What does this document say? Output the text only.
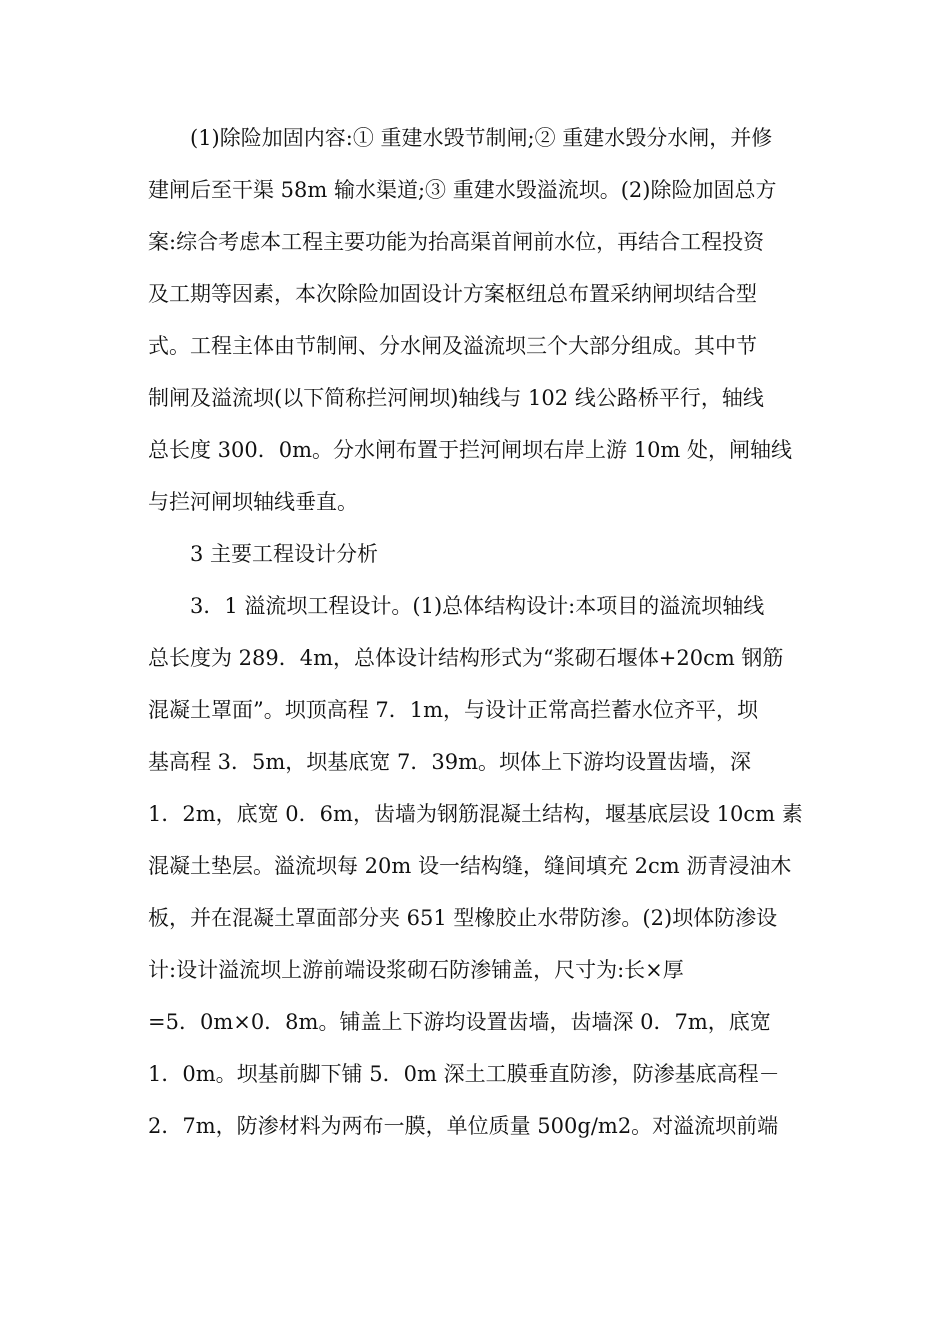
(1)除险加固内容:① 重建水毁节制闸;② 重建水毁分水闸，并修
建闸后至干渠 58m 输水渠道;③ 重建水毁溢流坝。(2)除险加固总方
案:综合考虑本工程主要功能为抬高渠首闸前水位，再结合工程投资
及工期等因素，本次除险加固设计方案枢纽总布置采纳闸坝结合型
式。工程主体由节制闸、分水闸及溢流坝三个大部分组成。其中节
制闸及溢流坝(以下简称拦河闸坝)轴线与 102 线公路桥平行，轴线
总长度 300．0m。分水闸布置于拦河闸坝右岸上游 10m 处，闸轴线
与拦河闸坝轴线垂直。
3 主要工程设计分析
3．1 溢流坝工程设计。(1)总体结构设计:本项目的溢流坝轴线
总长度为 289．4m，总体设计结构形式为“浆砌石堰体+20cm 钢筋
混凝土罩面”。坝顶高程 7．1m，与设计正常高拦蓄水位齐平，坝
基高程 3．5m，坝基底宽 7．39m。坝体上下游均设置齿墙，深
1．2m，底宽 0．6m，齿墙为钢筋混凝土结构，堰基底层设 10cm 素
混凝土垫层。溢流坝每 20m 设一结构缝，缝间填充 2cm 沥青浸油木
板，并在混凝土罩面部分夹 651 型橡胶止水带防渗。(2)坝体防渗设
计:设计溢流坝上游前端设浆砌石防渗铺盖，尺寸为:长×厚
=5．0m×0．8m。铺盖上下游均设置齿墙，齿墙深 0．7m，底宽
1．0m。坝基前脚下铺 5．0m 深土工膜垂直防渗，防渗基底高程－
2．7m，防渗材料为两布一膜，单位质量 500g/m2。对溢流坝前端
